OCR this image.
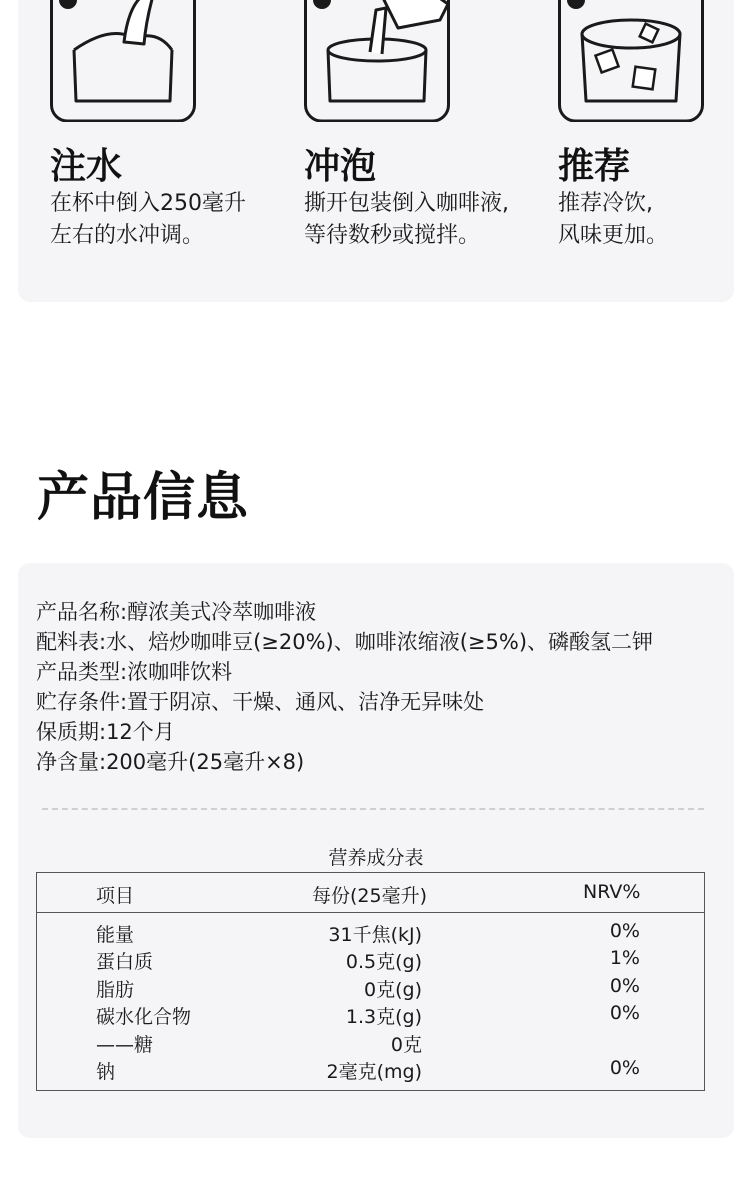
注水
在杯中倒入250毫升
左右的水冲调。
冲泡
撕开包装倒入咖啡液,
等待数秒或搅拌。
推荐
推荐冷饮,
风味更加。
产品信息
产品名称:醇浓美式冷萃咖啡液
配料表:水、焙炒咖啡豆(≥20%)、咖啡浓缩液(≥5%)、磷酸氢二钾
产品类型:浓咖啡饮料
贮存条件:置于阴凉、干燥、通风、洁净无异味处
保质期:12个月
净含量:200毫升(25毫升×8)
营养成分表
项目	每份(25毫升)	NRV%
能量	31千焦(kJ)	0%
蛋白质	0.5克(g)	1%
脂肪	0克(g)	0%
碳水化合物	1.3克(g)	0%
——糖	0克
钠	2毫克(mg)	0%
